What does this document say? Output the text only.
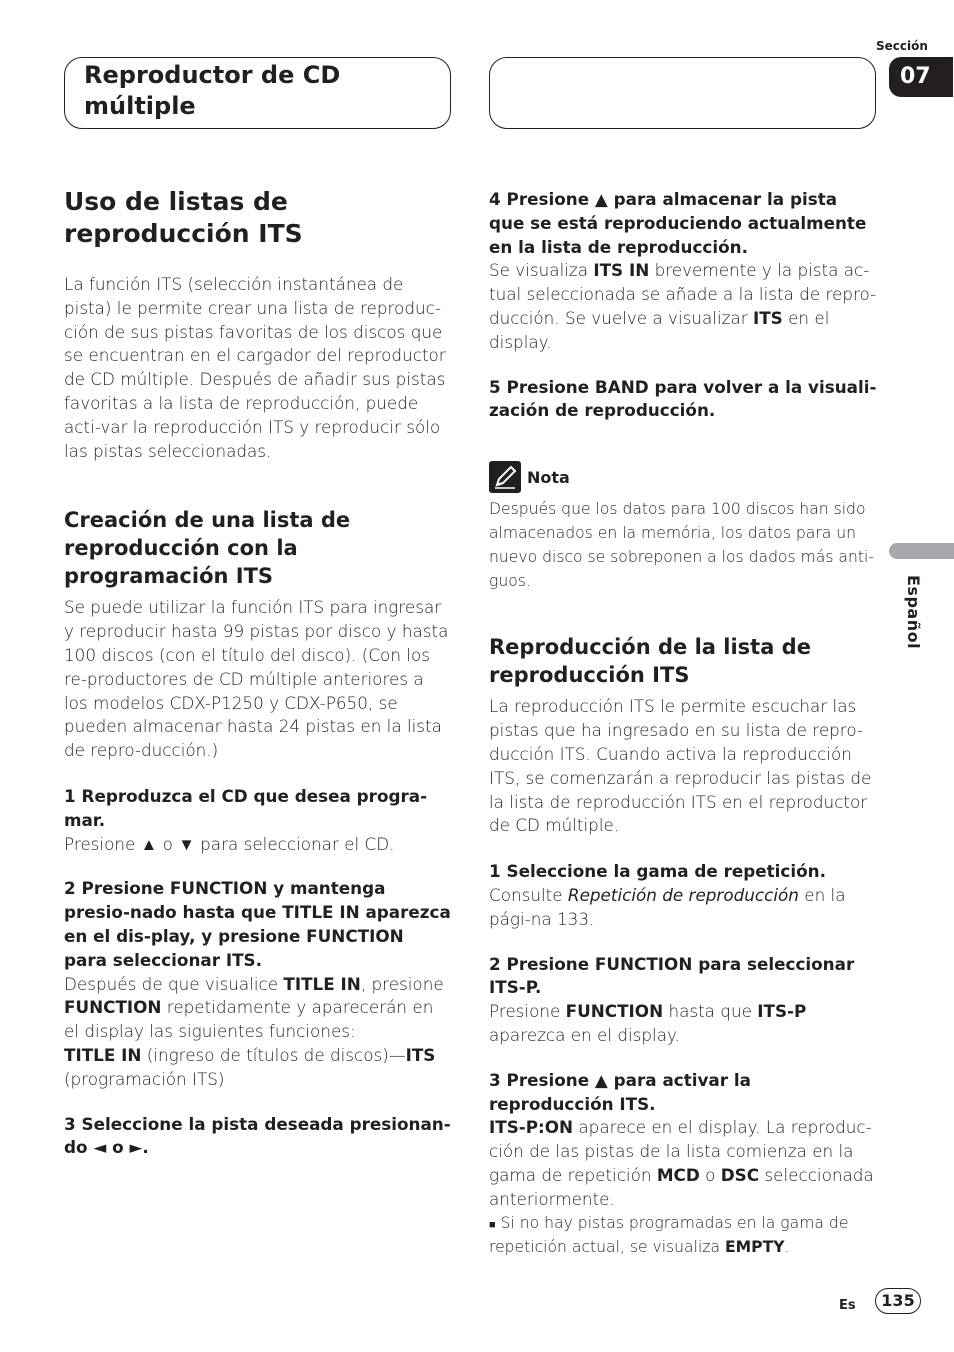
Reproductor de CD múltiple
Sección
07
Español
Uso de listas de reproducción ITS

La función ITS (selección instantánea de pista) le permite crear una lista de reproduc-ción de sus pistas favoritas de los discos que se encuentran en el cargador del reproductor de CD múltiple. Después de añadir sus pistas favoritas a la lista de reproducción, puede acti-var la reproducción ITS y reproducir sólo las pistas seleccionadas.

Creación de una lista de reproducción con la programación ITS

Se puede utilizar la función ITS para ingresar y reproducir hasta 99 pistas por disco y hasta 100 discos (con el título del disco). (Con los re-productores de CD múltiple anteriores a los modelos CDX-P1250 y CDX-P650, se pueden almacenar hasta 24 pistas en la lista de repro-ducción.)

1 Reproduzca el CD que desea progra-mar.

Presione ▲ o ▼ para seleccionar el CD.

2 Presione FUNCTION y mantenga presio-nado hasta que TITLE IN aparezca en el dis-play, y presione FUNCTION para seleccionar ITS.

Después de que visualice TITLE IN, presione FUNCTION repetidamente y aparecerán en el display las siguientes funciones:

TITLE IN (ingreso de títulos de discos)—ITS (programación ITS)

3 Seleccione la pista deseada presionan-do ◄ o ►.

4 Presione ▲ para almacenar la pista que se está reproduciendo actualmente en la lista de reproducción.

Se visualiza ITS IN brevemente y la pista ac-tual seleccionada se añade a la lista de repro-ducción. Se vuelve a visualizar ITS en el display.

5 Presione BAND para volver a la visuali-zación de reproducción.

Nota

Después que los datos para 100 discos han sido almacenados en la memória, los datos para un nuevo disco se sobreponen a los dados más anti-guos.

Reproducción de la lista de reproducción ITS

La reproducción ITS le permite escuchar las pistas que ha ingresado en su lista de repro-ducción ITS. Cuando activa la reproducción ITS, se comenzarán a reproducir las pistas de la lista de reproducción ITS en el reproductor de CD múltiple.

1 Seleccione la gama de repetición.

Consulte Repetición de reproducción en la pági-na 133.

2 Presione FUNCTION para seleccionar ITS-P.

Presione FUNCTION hasta que ITS-P aparezca en el display.

3 Presione ▲ para activar la reproducción ITS.

ITS-P:ON aparece en el display. La reproduc-ción de las pistas de la lista comienza en la gama de repetición MCD o DSC seleccionada anteriormente.

■ Si no hay pistas programadas en la gama de repetición actual, se visualiza EMPTY.

Es	135
